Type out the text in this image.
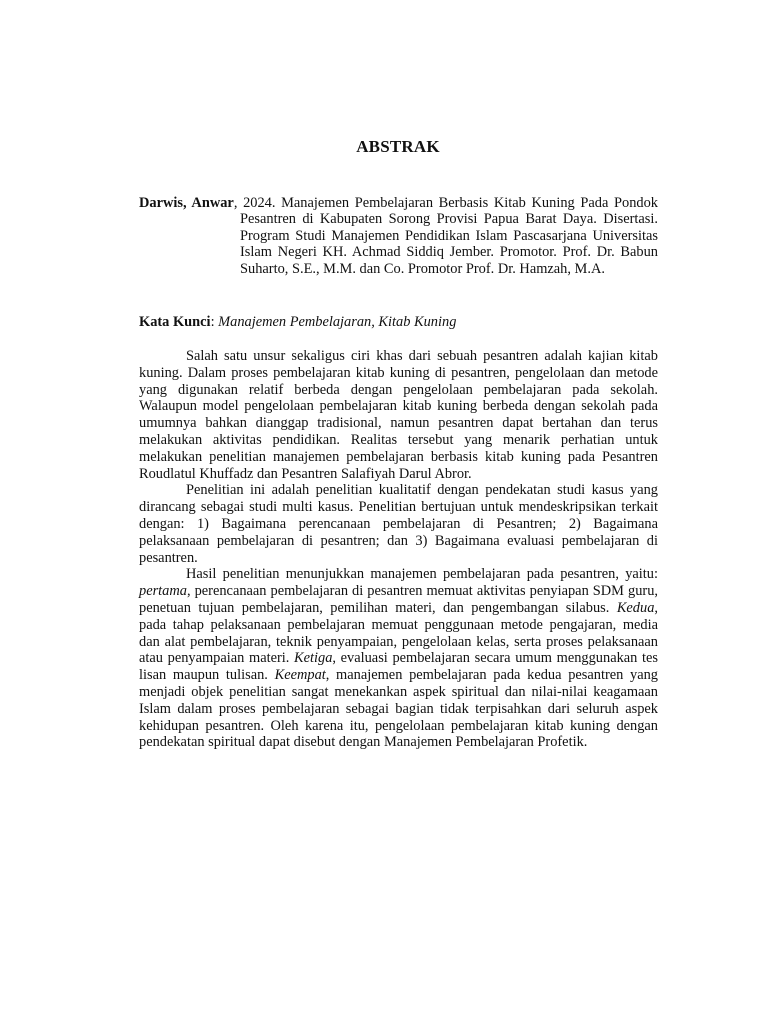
ABSTRAK
Darwis, Anwar, 2024. Manajemen Pembelajaran Berbasis Kitab Kuning Pada Pondok Pesantren di Kabupaten Sorong Provisi Papua Barat Daya. Disertasi. Program Studi Manajemen Pendidikan Islam Pascasarjana Universitas Islam Negeri KH. Achmad Siddiq Jember. Promotor. Prof. Dr. Babun Suharto, S.E., M.M. dan Co. Promotor Prof. Dr. Hamzah, M.A.
Kata Kunci: Manajemen Pembelajaran, Kitab Kuning

Salah satu unsur sekaligus ciri khas dari sebuah pesantren adalah kajian kitab kuning. Dalam proses pembelajaran kitab kuning di pesantren, pengelolaan dan metode yang digunakan relatif berbeda dengan pengelolaan pembelajaran pada sekolah. Walaupun model pengelolaan pembelajaran kitab kuning berbeda dengan sekolah pada umumnya bahkan dianggap tradisional, namun pesantren dapat bertahan dan terus melakukan aktivitas pendidikan. Realitas tersebut yang menarik perhatian untuk melakukan penelitian manajemen pembelajaran berbasis kitab kuning pada Pesantren Roudlatul Khuffadz dan Pesantren Salafiyah Darul Abror.

Penelitian ini adalah penelitian kualitatif dengan pendekatan studi kasus yang dirancang sebagai studi multi kasus. Penelitian bertujuan untuk mendeskripsikan terkait dengan: 1) Bagaimana perencanaan pembelajaran di Pesantren; 2) Bagaimana pelaksanaan pembelajaran di pesantren; dan 3) Bagaimana evaluasi pembelajaran di pesantren.

Hasil penelitian menunjukkan manajemen pembelajaran pada pesantren, yaitu: pertama, perencanaan pembelajaran di pesantren memuat aktivitas penyiapan SDM guru, penetuan tujuan pembelajaran, pemilihan materi, dan pengembangan silabus. Kedua, pada tahap pelaksanaan pembelajaran memuat penggunaan metode pengajaran, media dan alat pembelajaran, teknik penyampaian, pengelolaan kelas, serta proses pelaksanaan atau penyampaian materi. Ketiga, evaluasi pembelajaran secara umum menggunakan tes lisan maupun tulisan. Keempat, manajemen pembelajaran pada kedua pesantren yang menjadi objek penelitian sangat menekankan aspek spiritual dan nilai-nilai keagamaan Islam dalam proses pembelajaran sebagai bagian tidak terpisahkan dari seluruh aspek kehidupan pesantren. Oleh karena itu, pengelolaan pembelajaran kitab kuning dengan pendekatan spiritual dapat disebut dengan Manajemen Pembelajaran Profetik.
